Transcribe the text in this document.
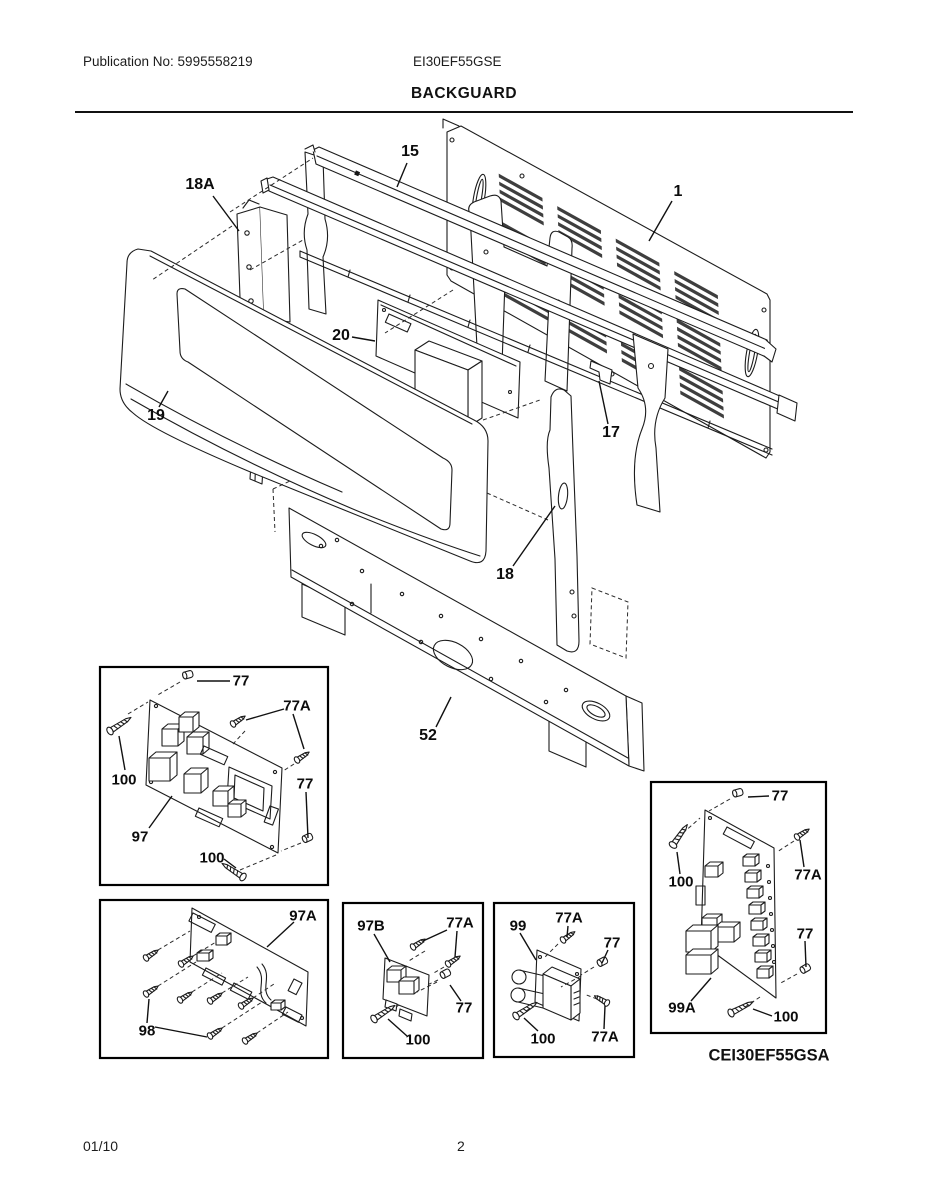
Publication No: 5995558219	EI30EF55GSE
BACKGUARD
15
18A	1
20
19
17
18
52
77
77A
100	77
97
100
97A
98
97B	77A
77
100
99 77A
77
77A
100
77
100	77A
77
99A
100
CEI30EF55GSA
01/10	2
